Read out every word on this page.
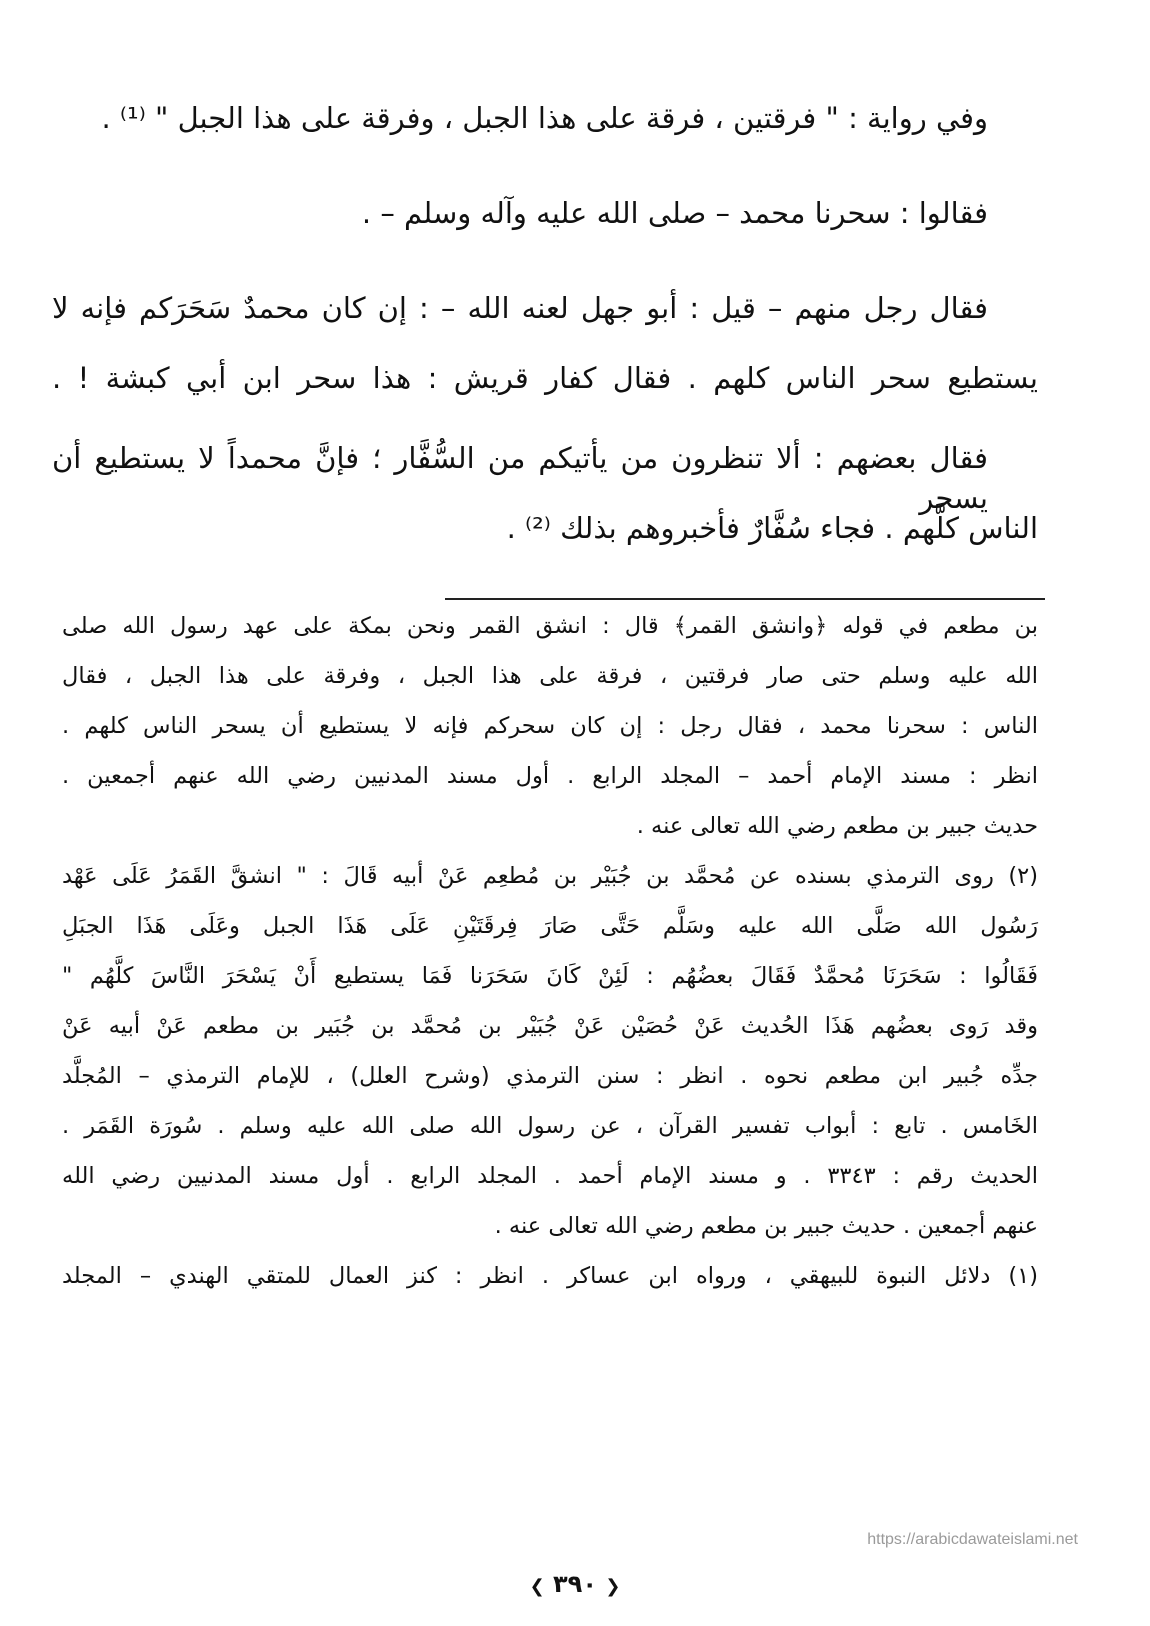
وفي رواية : " فرقتين ، فرقة على هذا الجبل ، وفرقة على هذا الجبل " ⁽¹⁾ .
فقالوا : سحرنا محمد – صلى الله عليه وآله وسلم – .
فقال رجل منهم – قيل : أبو جهل لعنه الله – : إن كان محمدٌ سَحَرَكم فإنه لا
يستطيع سحر الناس كلهم . فقال كفار قريش : هذا سحر ابن أبي كبشة ! .
فقال بعضهم : ألا تنظرون من يأتيكم من السُّفَّار ؛ فإنَّ محمداً لا يستطيع أن يسحر
الناس كلَّهم . فجاء سُفَّارٌ فأخبروهم بذلك ⁽²⁾ .
بن مطعم في قوله ﴿وانشق القمر﴾ قال : انشق القمر ونحن بمكة على عهد رسول الله صلى
الله عليه وسلم حتى صار فرقتين ، فرقة على هذا الجبل ، وفرقة على هذا الجبل ، فقال
الناس : سحرنا محمد ، فقال رجل : إن كان سحركم فإنه لا يستطيع أن يسحر الناس كلهم .
انظر : مسند الإمام أحمد – المجلد الرابع . أول مسند المدنيين رضي الله عنهم أجمعين .
حديث جبير بن مطعم رضي الله تعالى عنه .
(٢) روى الترمذي بسنده عن مُحمَّد بن جُبَيْر بن مُطعِم عَنْ أبيه قَالَ : " انشقَّ القَمَرُ عَلَى عَهْد
رَسُول الله صَلَّى الله عليه وسَلَّم حَتَّى صَارَ فِرقَتَيْنِ عَلَى هَذَا الجبل وعَلَى هَذَا الجبَلِ
فَقَالُوا : سَحَرَنَا مُحمَّدٌ فَقَالَ بعضُهُم : لَئِنْ كَانَ سَحَرَنا فَمَا يستطيع أَنْ يَسْحَرَ النَّاسَ كلَّهُم "
وقد رَوى بعضُهم هَذَا الحُديث عَنْ حُصَيْن عَنْ جُبَيْر بن مُحمَّد بن جُبَير بن مطعم عَنْ أبيه عَنْ
جدِّه جُبير ابن مطعم نحوه . انظر : سنن الترمذي (وشرح العلل) ، للإمام الترمذي – المُجلَّد
الخَامس . تابع : أبواب تفسير القرآن ، عن رسول الله صلى الله عليه وسلم . سُورَة القَمَر .
الحديث رقم : ٣٣٤٣ . و مسند الإمام أحمد . المجلد الرابع . أول مسند المدنيين رضي الله
عنهم أجمعين . حديث جبير بن مطعم رضي الله تعالى عنه .
(١) دلائل النبوة للبيهقي ، ورواه ابن عساكر . انظر : كنز العمال للمتقي الهندي – المجلد
https://arabicdawateislami.net
❮ ٣٩٠ ❯
